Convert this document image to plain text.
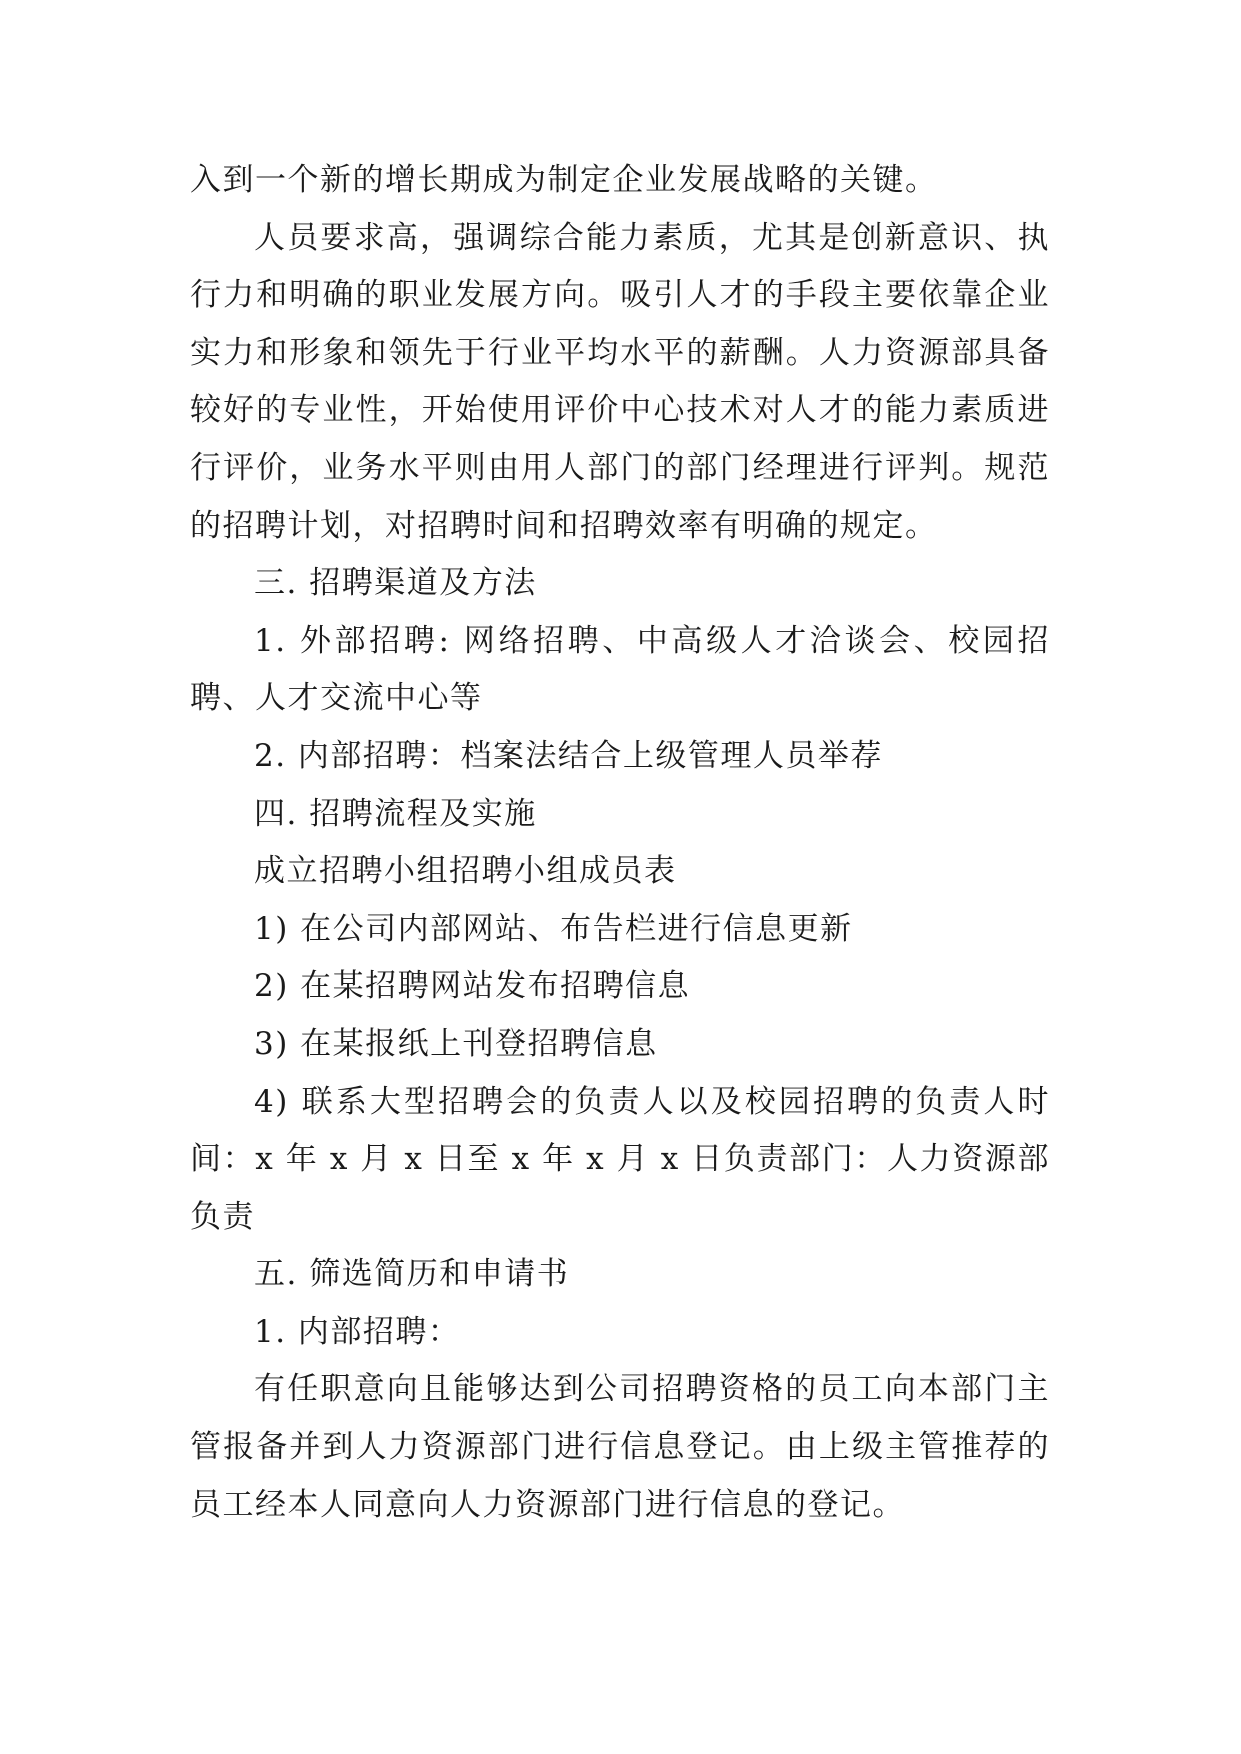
入到一个新的增长期成为制定企业发展战略的关键。

人员要求高，强调综合能力素质，尤其是创新意识、执行力和明确的职业发展方向。吸引人才的手段主要依靠企业实力和形象和领先于行业平均水平的薪酬。人力资源部具备较好的专业性，开始使用评价中心技术对人才的能力素质进行评价，业务水平则由用人部门的部门经理进行评判。规范的招聘计划，对招聘时间和招聘效率有明确的规定。

三. 招聘渠道及方法

1. 外部招聘: 网络招聘、中高级人才洽谈会、校园招聘、人才交流中心等

2. 内部招聘：档案法结合上级管理人员举荐

四. 招聘流程及实施

成立招聘小组招聘小组成员表

1) 在公司内部网站、布告栏进行信息更新

2) 在某招聘网站发布招聘信息

3) 在某报纸上刊登招聘信息

4) 联系大型招聘会的负责人以及校园招聘的负责人时间：x 年 x 月 x 日至 x 年 x 月 x 日负责部门：人力资源部负责

五. 筛选简历和申请书

1. 内部招聘：

有任职意向且能够达到公司招聘资格的员工向本部门主管报备并到人力资源部门进行信息登记。由上级主管推荐的员工经本人同意向人力资源部门进行信息的登记。
